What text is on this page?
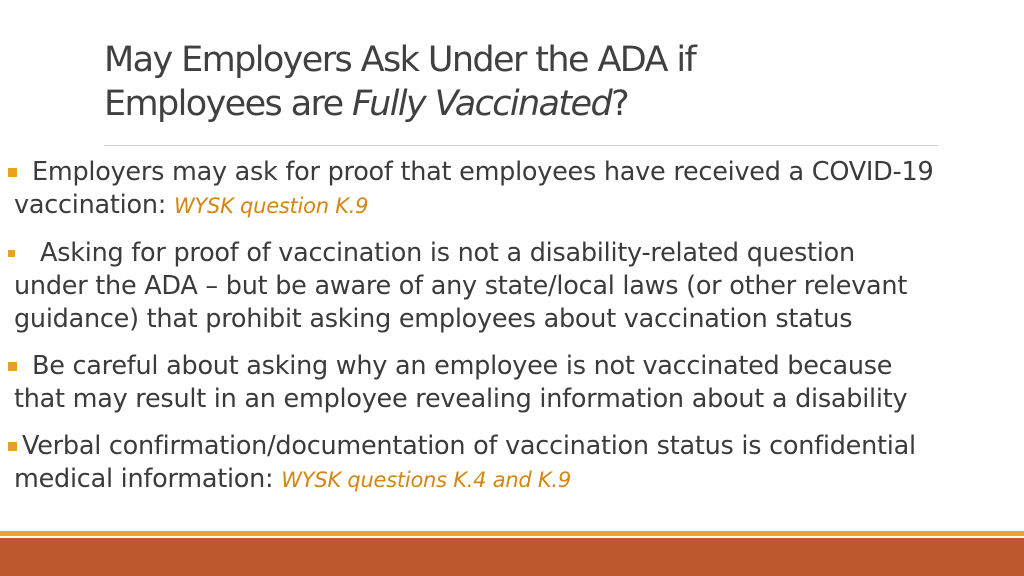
May Employers Ask Under the ADA if
Employees are Fully Vaccinated?
Employers may ask for proof that employees have received a COVID-19
vaccination: WYSK question K.9
Asking for proof of vaccination is not a disability-related question
under the ADA – but be aware of any state/local laws (or other relevant
guidance) that prohibit asking employees about vaccination status
Be careful about asking why an employee is not vaccinated because
that may result in an employee revealing information about a disability
Verbal confirmation/documentation of vaccination status is confidential
medical information: WYSK questions K.4 and K.9
